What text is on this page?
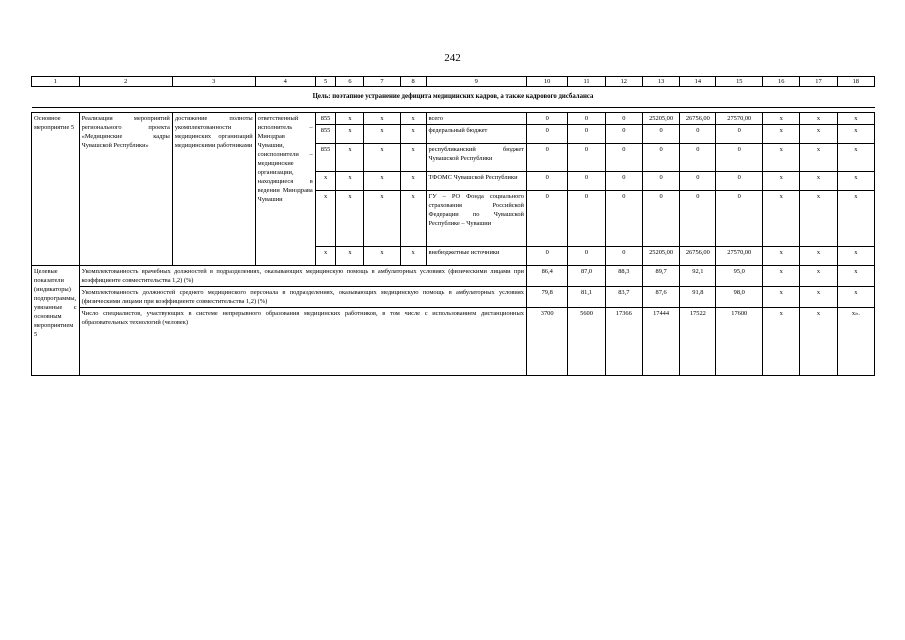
242
1	2	3	4	5	6	7	8	9	10	11	12	13	14	15	16	17	18
Цель: поэтапное устранение дефицита медицинских кадров, а также кадрового дисбаланса																	

Основное мероприятие 5	Реализация мероприятий регионального проекта «Медицинские кадры Чувашской Республики»	достижение полноты укомплектованности медицинских организаций медицинскими работниками	ответственный исполнитель – Минздрав Чувашии, соисполнители – медицинские организации, находящиеся в ведении Минздрава Чувашии	855	x	x	x	всего	0	0	0	25205,00	26756,00	27570,00	x	x	x
				855	x	x	x	федеральный бюджет	0	0	0	0	0	0	x	x	x
				855	x	x	x	республиканский бюджет Чувашской Республики	0	0	0	0	0	0	x	x	x
				x	x	x	x	ТФОМС Чувашской Республики	0	0	0	0	0	0	x	x	x
				x	x	x	x	ГУ – РО Фонда социального страхования Российской Федерации по Чувашской Республике – Чувашии	0	0	0	0	0	0	x	x	x
				x	x	x	x	внебюджетные источники	0	0	0	25205,00	26756,00	27570,00	x	x	x
Целевые показатели (индикаторы) подпрограммы, увязанные с основным мероприятием 5	Укомплектованность врачебных должностей в подразделениях, оказывающих медицинскую помощь в амбулаторных условиях (физическими лицами при коэффициенте совместительства 1,2) (%)								86,4	87,0	88,3	89,7	92,1	95,0	x	x	x
	Укомплектованность должностей среднего медицинского персонала в подразделениях, оказывающих медицинскую помощь в амбулаторных условиях (физическими лицами при коэффициенте совместительства 1,2) (%)								79,8	81,1	83,7	87,6	91,8	98,0	x	x	x
	Число специалистов, участвующих в системе непрерывного образования медицинских работников, в том числе с использованием дистанционных образовательных технологий (человек)								3700	5600	17366	17444	17522	17600	x	x	x».
